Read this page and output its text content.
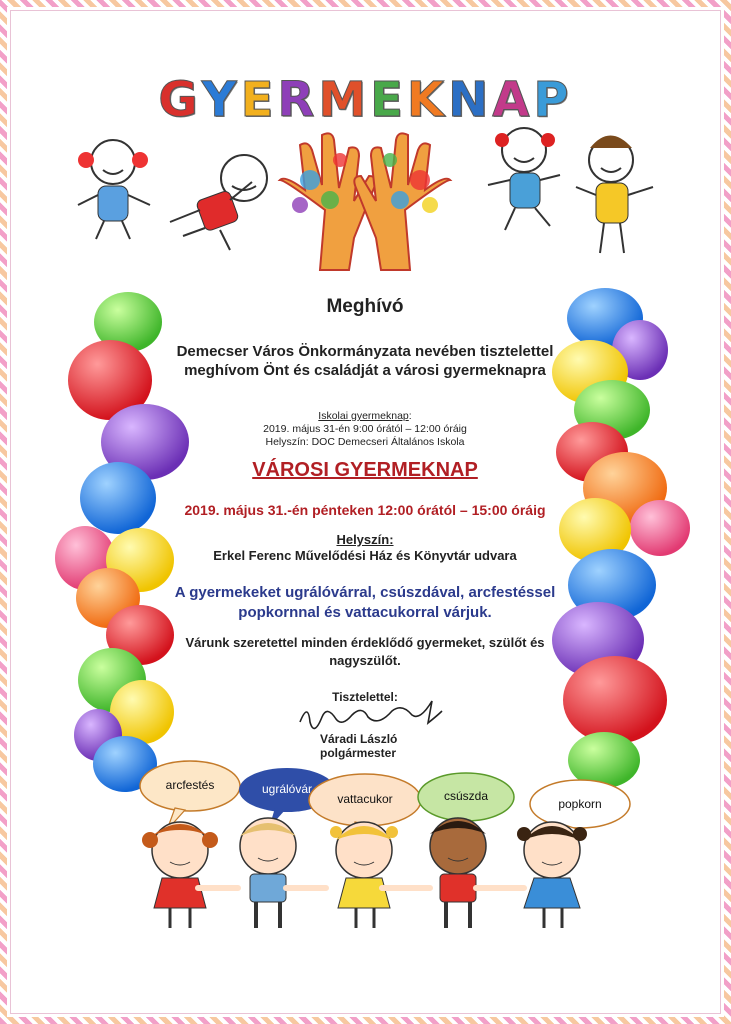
GYERMEKNAP
Meghívó
Demecser Város Önkormányzata nevében tisztelettel meghívom Önt és családját a városi gyermeknapra
Iskolai gyermeknap:
2019. május 31-én 9:00 órától – 12:00 óráig
Helyszín: DOC Demecseri Általános Iskola
VÁROSI GYERMEKNAP
2019. május 31.-én pénteken 12:00 órától – 15:00 óráig
Helyszín:
Erkel Ferenc Művelődési Ház és Könyvtár udvara
A gyermekeket ugrálóvárral, csúszdával, arcfestéssel popkornnal és vattacukorral várjuk.
Várunk szeretettel minden érdeklődő gyermeket, szülőt és nagyszülőt.
Tisztelettel:
Váradi László
polgármester
arcfestés	ugrálóvár
vattacukor	csúszda
popkorn
